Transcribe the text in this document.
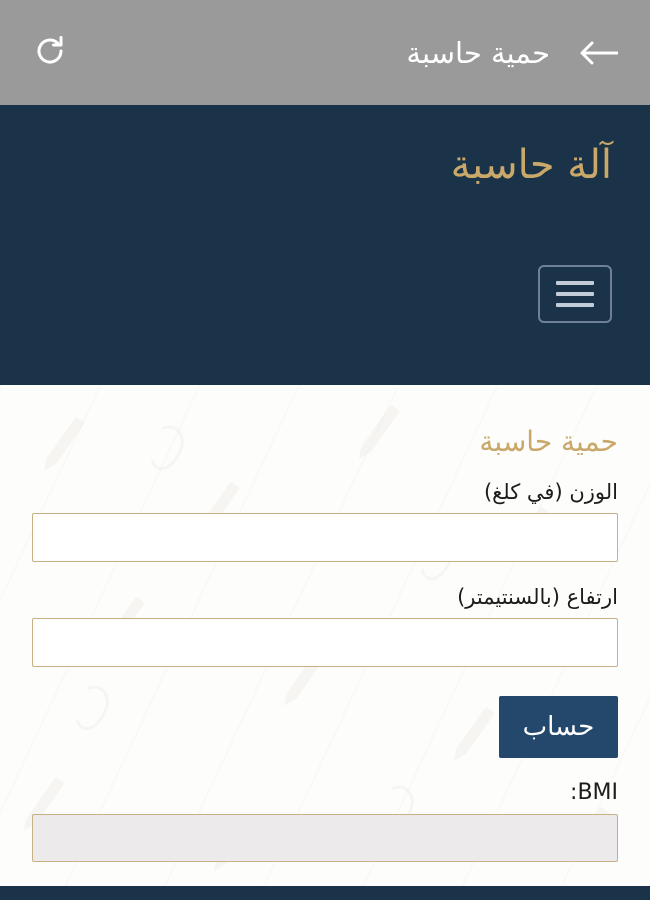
حمية حاسبة
آلة حاسبة
حمية حاسبة
الوزن (في كلغ)
ارتفاع (بالسنتيمتر)
حساب
BMI:
